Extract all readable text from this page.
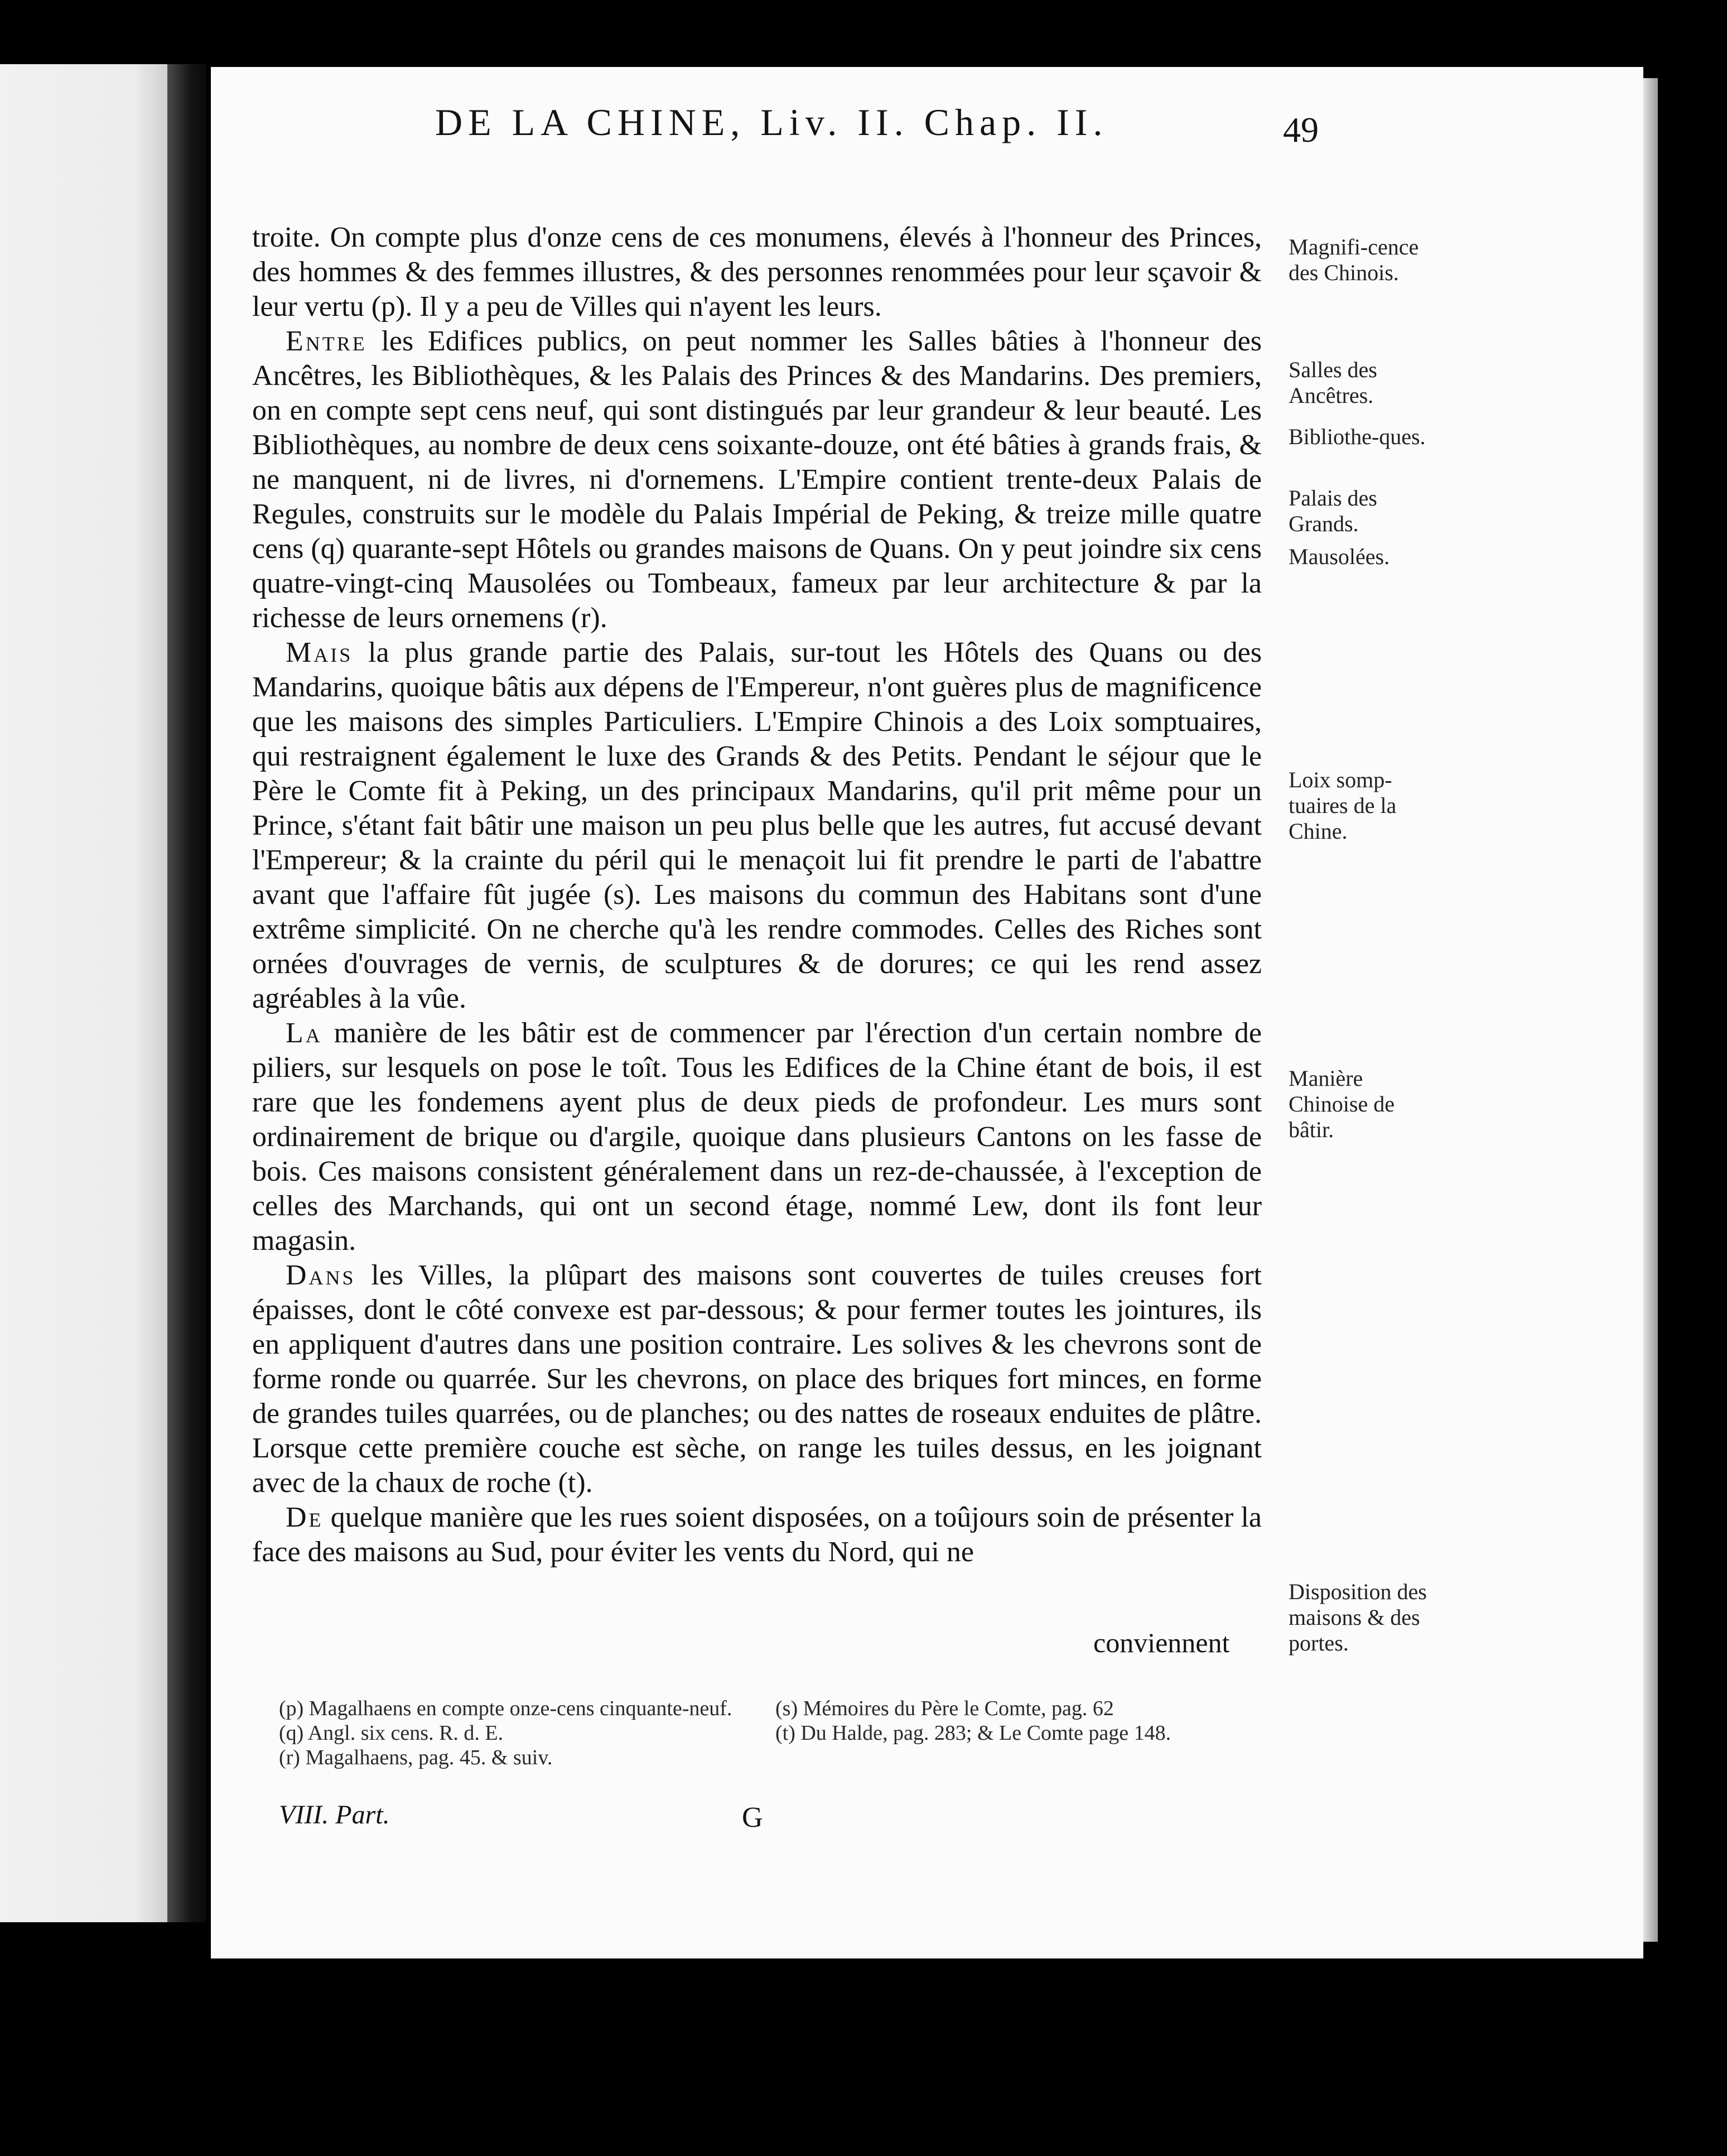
DE LA CHINE, Liv. II. Chap. II.	49

troite. On compte plus d'onze cens de ces monumens, élevés à l'honneur des Princes, des hommes & des femmes illustres, & des personnes renommées pour leur sçavoir & leur vertu (p). Il y a peu de Villes qui n'ayent les leurs.

Entre les Edifices publics, on peut nommer les Salles bâties à l'honneur des Ancêtres, les Bibliothèques, & les Palais des Princes & des Mandarins. Des premiers, on en compte sept cens neuf, qui sont distingués par leur grandeur & leur beauté. Les Bibliothèques, au nombre de deux cens soixante-douze, ont été bâties à grands frais, & ne manquent, ni de livres, ni d'ornemens. L'Empire contient trente-deux Palais de Regules, construits sur le modèle du Palais Impérial de Peking, & treize mille quatre cens (q) quarante-sept Hôtels ou grandes maisons de Quans. On y peut joindre six cens quatre-vingt-cinq Mausolées ou Tombeaux, fameux par leur architecture & par la richesse de leurs ornemens (r).

Mais la plus grande partie des Palais, sur-tout les Hôtels des Quans ou des Mandarins, quoique bâtis aux dépens de l'Empereur, n'ont guères plus de magnificence que les maisons des simples Particuliers. L'Empire Chinois a des Loix somptuaires, qui restraignent également le luxe des Grands & des Petits. Pendant le séjour que le Père le Comte fit à Peking, un des principaux Mandarins, qu'il prit même pour un Prince, s'étant fait bâtir une maison un peu plus belle que les autres, fut accusé devant l'Empereur; & la crainte du péril qui le menaçoit lui fit prendre le parti de l'abattre avant que l'affaire fût jugée (s). Les maisons du commun des Habitans sont d'une extrême simplicité. On ne cherche qu'à les rendre commodes. Celles des Riches sont ornées d'ouvrages de vernis, de sculptures & de dorures; ce qui les rend assez agréables à la vûe.

La manière de les bâtir est de commencer par l'érection d'un certain nombre de piliers, sur lesquels on pose le toît. Tous les Edifices de la Chine étant de bois, il est rare que les fondemens ayent plus de deux pieds de profondeur. Les murs sont ordinairement de brique ou d'argile, quoique dans plusieurs Cantons on les fasse de bois. Ces maisons consistent généralement dans un rez-de-chaussée, à l'exception de celles des Marchands, qui ont un second étage, nommé Lew, dont ils font leur magasin.

Dans les Villes, la plûpart des maisons sont couvertes de tuiles creuses fort épaisses, dont le côté convexe est par-dessous; & pour fermer toutes les jointures, ils en appliquent d'autres dans une position contraire. Les solives & les chevrons sont de forme ronde ou quarrée. Sur les chevrons, on place des briques fort minces, en forme de grandes tuiles quarrées, ou de planches; ou des nattes de roseaux enduites de plâtre. Lorsque cette première couche est sèche, on range les tuiles dessus, en les joignant avec de la chaux de roche (t).

De quelque manière que les rues soient disposées, on a toûjours soin de présenter la face des maisons au Sud, pour éviter les vents du Nord, qui ne

conviennent
Magnifi-cence des Chinois.
Salles des Ancêtres.
Bibliothe-ques.
Palais des Grands.
Mausolées.
Loix somp-tuaires de la Chine.
Manière Chinoise de bâtir.
Disposition des maisons & des portes.
(p) Magalhaens en compte onze-cens cinquante-neuf.
(q) Angl. six cens. R. d. E.
(r) Magalhaens, pag. 45. & suiv.
(s) Mémoires du Père le Comte, pag. 62
(t) Du Halde, pag. 283; & Le Comte page 148.
VIII. Part.	G
